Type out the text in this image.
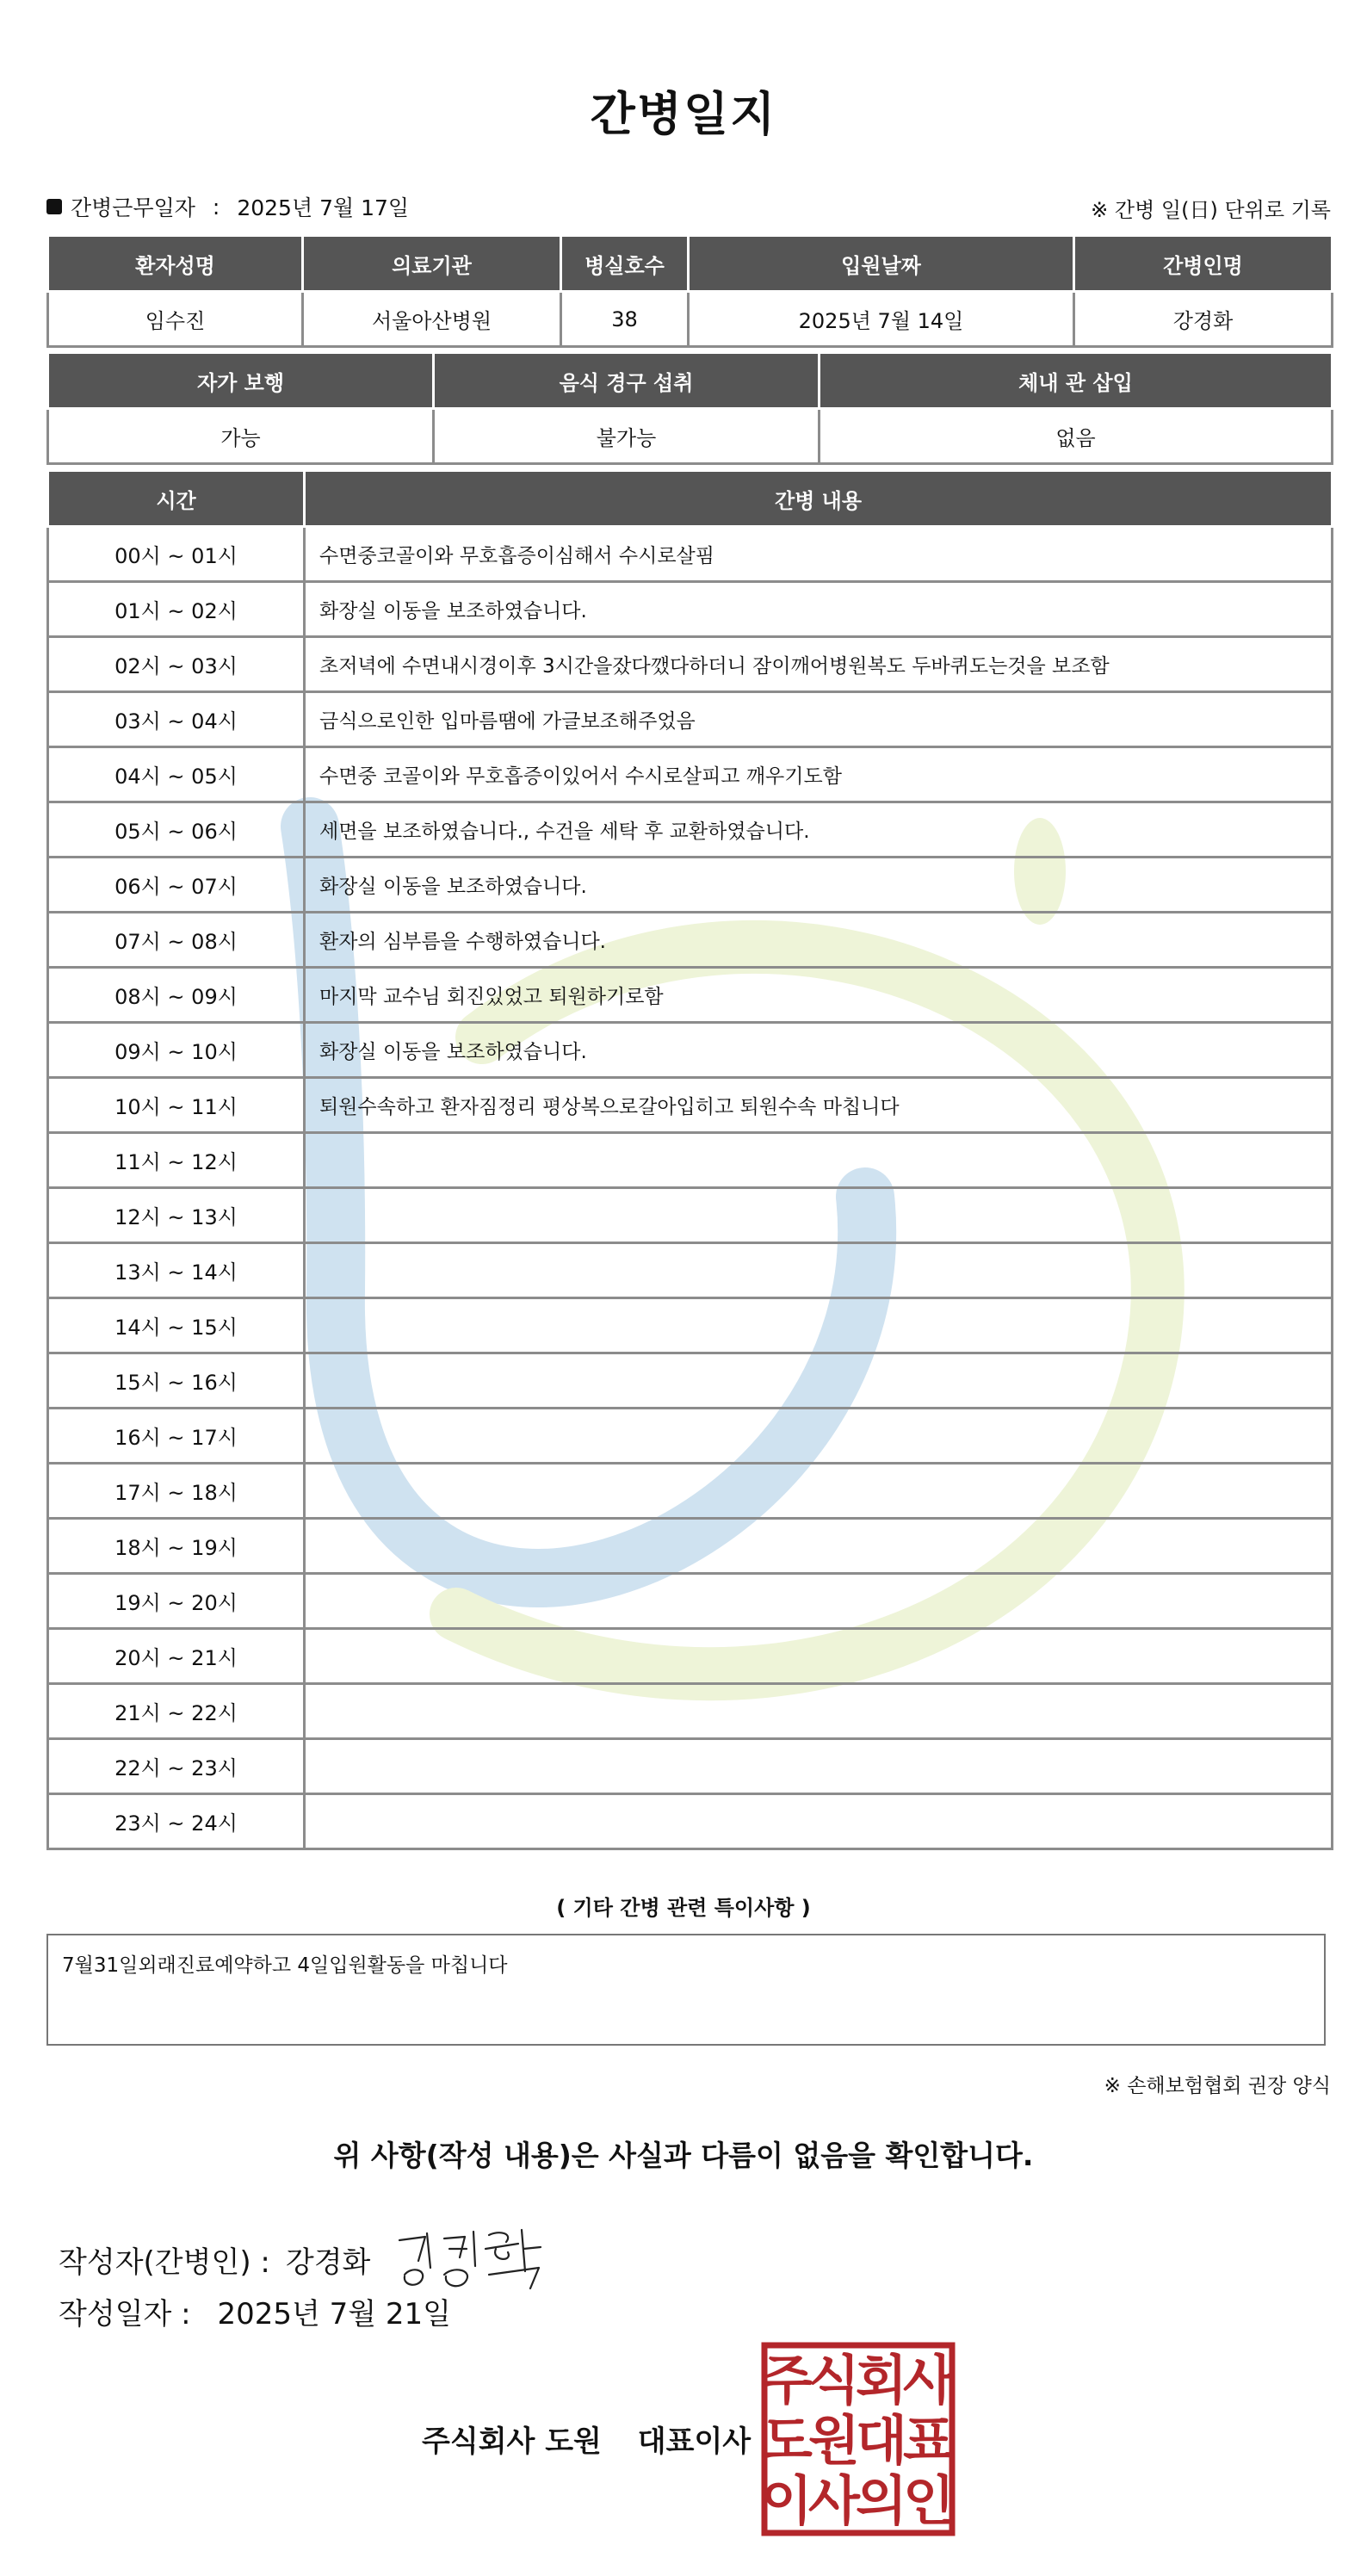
간병일지
간병근무일자 : 2025년 7월 17일	※ 간병 일(日) 단위로 기록
환자성명	의료기관	병실호수	입원날짜	간병인명
임수진	서울아산병원	38	2025년 7월 14일	강경화
자가 보행	음식 경구 섭취	체내 관 삽입
가능	불가능	없음
시간	간병 내용
00시 ~ 01시	수면중코골이와 무호흡증이심해서 수시로살핌
01시 ~ 02시	화장실 이동을 보조하였습니다.
02시 ~ 03시	초저녁에 수면내시경이후 3시간을잤다깼다하더니 잠이깨어병원복도 두바퀴도는것을 보조함
03시 ~ 04시	금식으로인한 입마름땜에 가글보조해주었음
04시 ~ 05시	수면중 코골이와 무호흡증이있어서 수시로살피고 깨우기도함
05시 ~ 06시	세면을 보조하였습니다., 수건을 세탁 후 교환하였습니다.
06시 ~ 07시	화장실 이동을 보조하였습니다.
07시 ~ 08시	환자의 심부름을 수행하였습니다.
08시 ~ 09시	마지막 교수님 회진있었고 퇴원하기로함
09시 ~ 10시	화장실 이동을 보조하였습니다.
10시 ~ 11시	퇴원수속하고 환자짐정리 평상복으로갈아입히고 퇴원수속 마칩니다
11시 ~ 12시	
12시 ~ 13시	
13시 ~ 14시	
14시 ~ 15시	
15시 ~ 16시	
16시 ~ 17시	
17시 ~ 18시	
18시 ~ 19시	
19시 ~ 20시	
20시 ~ 21시	
21시 ~ 22시	
22시 ~ 23시	
23시 ~ 24시	
( 기타 간병 관련 특이사항 )
7월31일외래진료예약하고 4일입원활동을 마칩니다
※ 손해보험협회 권장 양식
위 사항(작성 내용)은 사실과 다름이 없음을 확인합니다.
작성자(간병인) : 강경화
작성일자 : 2025년 7월 21일
주식회사 도원 대표이사
주
식
회
사
도
원
대
표
이
사
의
인
